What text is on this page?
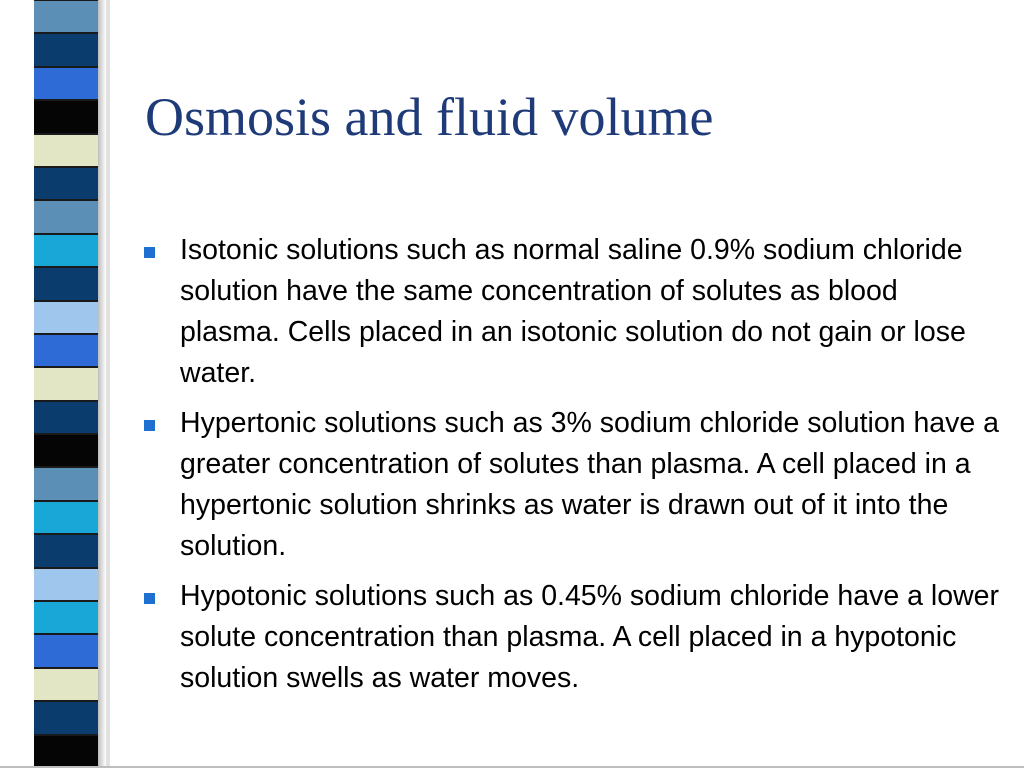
Osmosis and fluid volume
Isotonic solutions such as normal saline 0.9% sodium chloride solution have the same concentration of solutes as blood plasma. Cells placed in an isotonic solution do not gain or lose water.
Hypertonic solutions such as 3% sodium chloride solution have a greater concentration of solutes than plasma. A cell placed in a hypertonic solution shrinks as water is drawn out of it into the solution.
Hypotonic solutions such as 0.45% sodium chloride have a lower solute concentration than plasma. A cell placed in a hypotonic solution swells as water moves.
